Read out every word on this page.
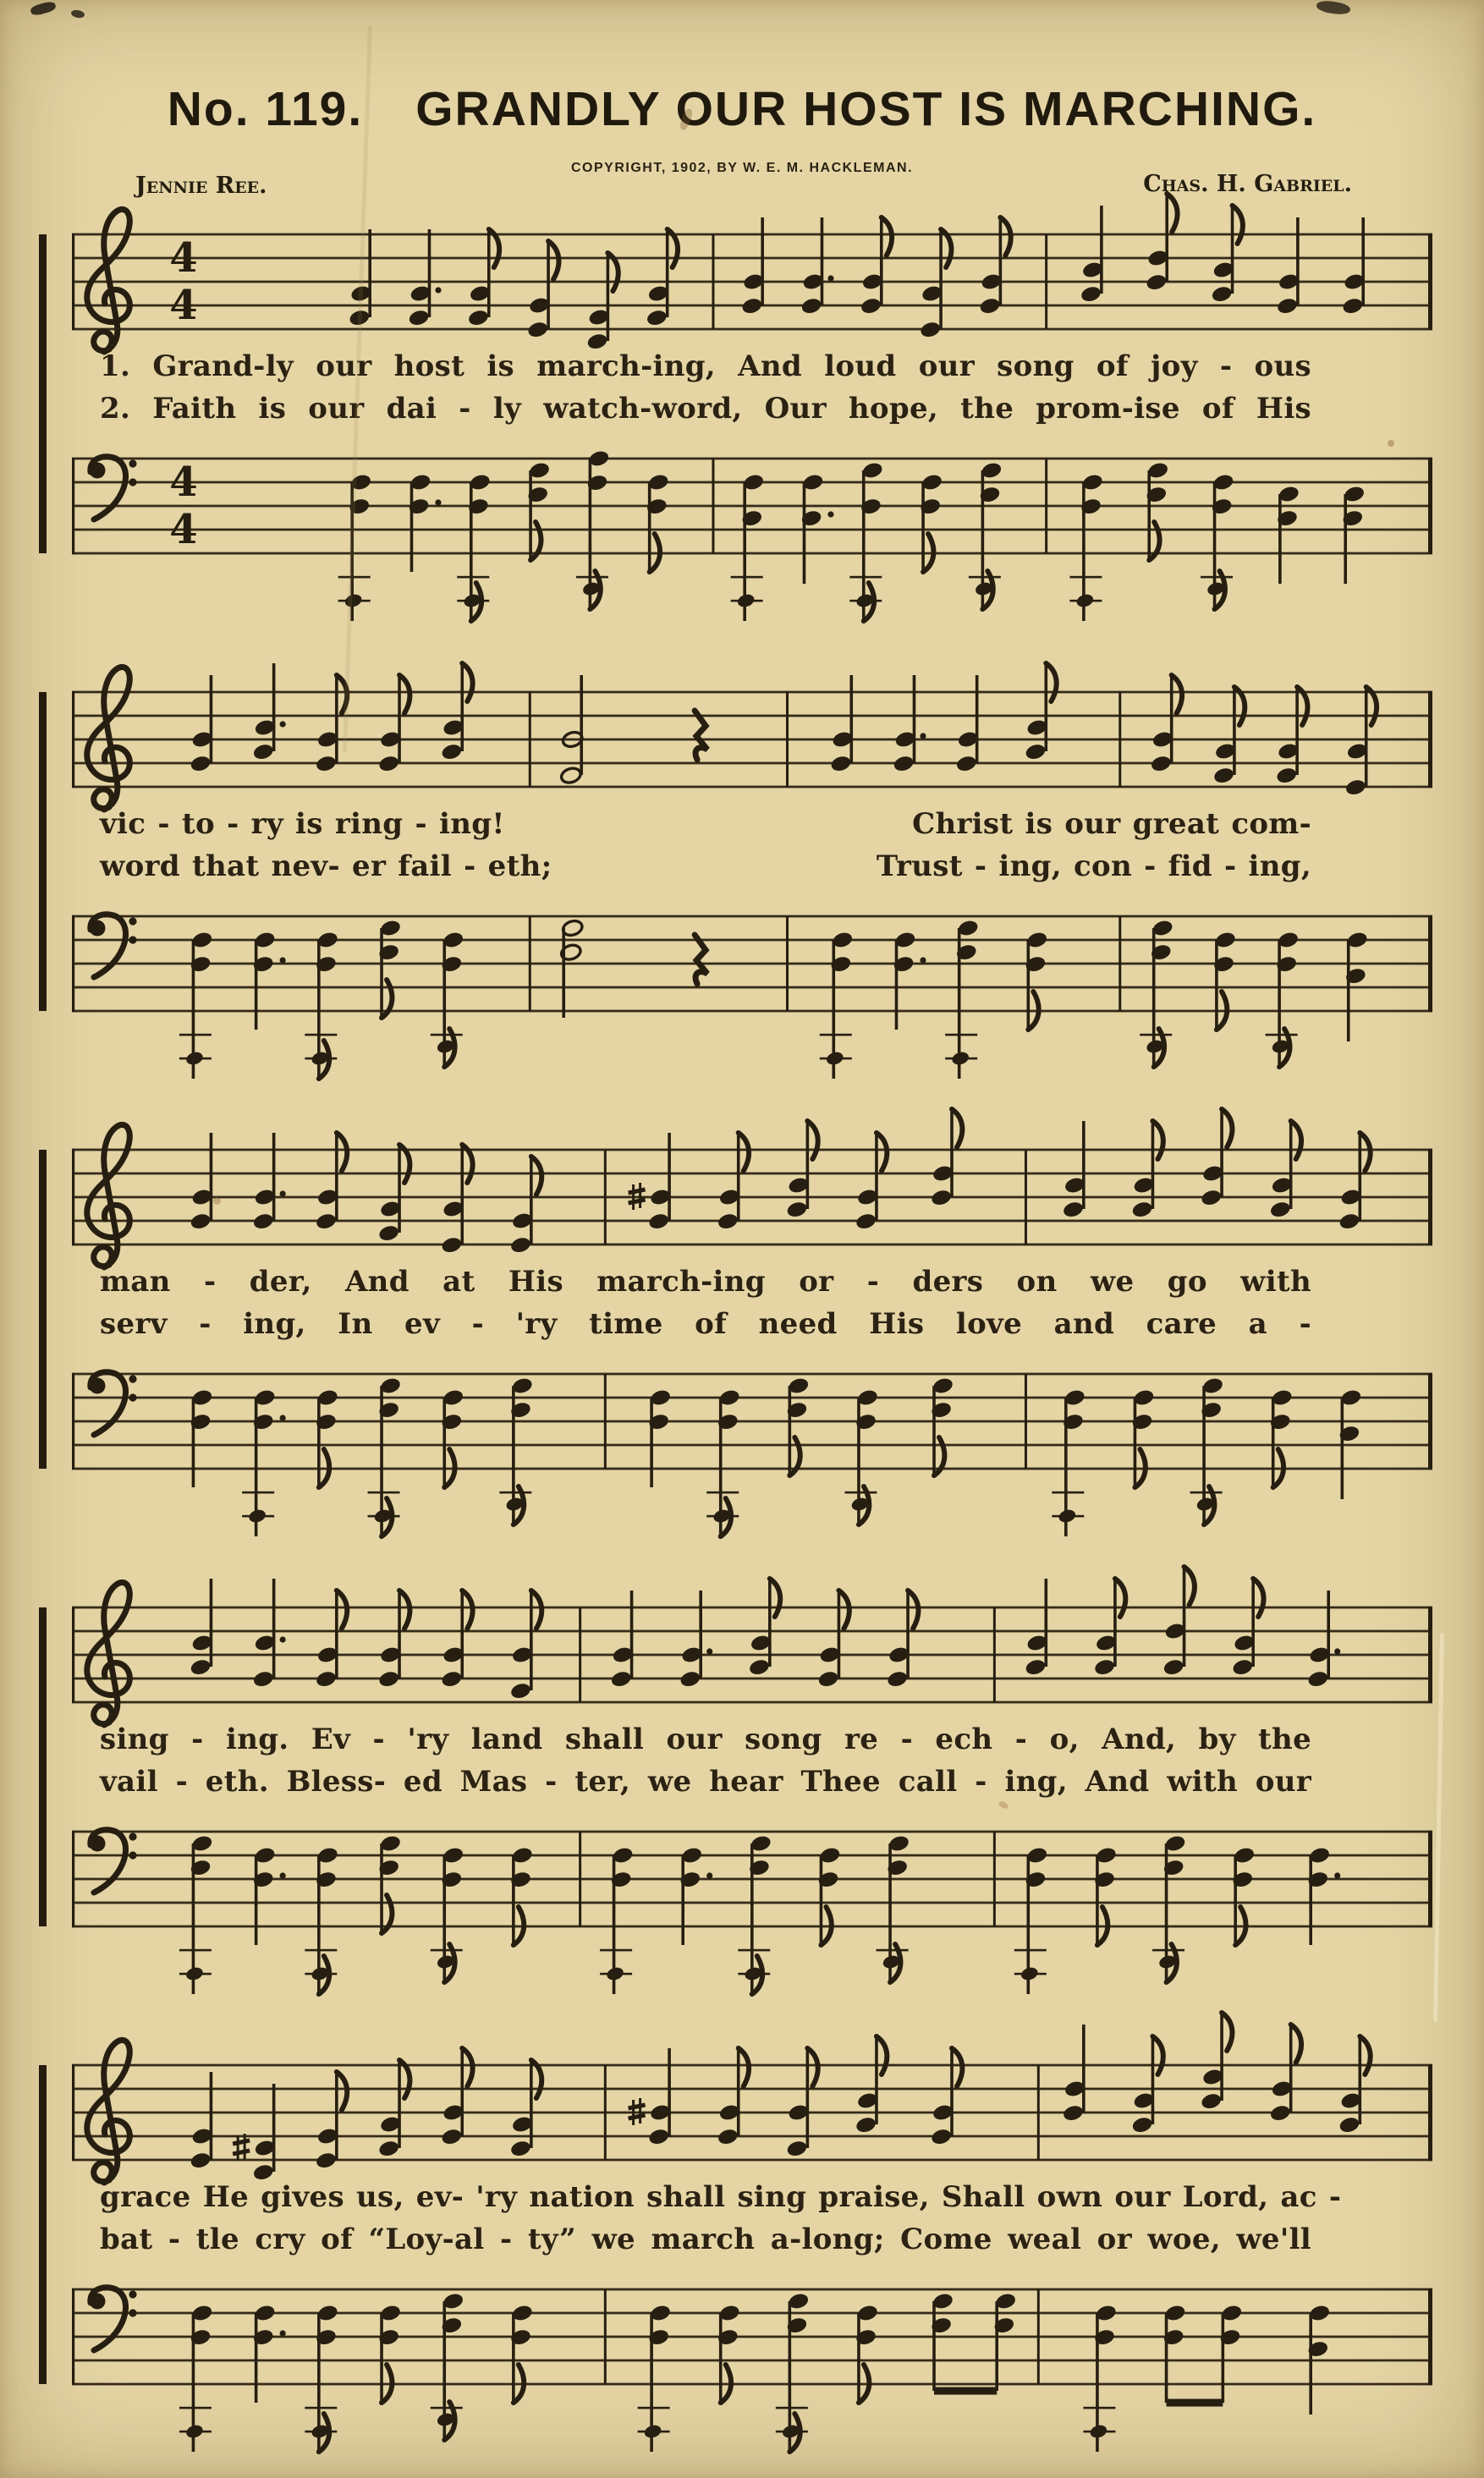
No. 119. GRANDLY OUR HOST IS MARCHING.
COPYRIGHT, 1902, BY W. E. M. HACKLEMAN.
Jennie Ree.	Chas. H. Gabriel.
4
4
1. Grand-ly our host is march-ing, And loud our song of joy - ous
2. Faith is our dai - ly watch-word, Our hope, the prom-ise of His
4
4
vic - to - ry is ring - ing!	Christ is our great com-
word that nev- er fail - eth;	Trust - ing, con - fid - ing,
man - der, And at His march-ing or - ders on we go with
serv - ing, In ev - 'ry time of need His love and care a -
sing - ing. Ev - 'ry land shall our song re - ech - o, And, by the
vail - eth. Bless- ed Mas - ter, we hear Thee call - ing, And with our
grace He gives us, ev- 'ry nation shall sing praise, Shall own our Lord, ac -
bat - tle cry of “Loy-al - ty” we march a-long; Come weal or woe, we'll
